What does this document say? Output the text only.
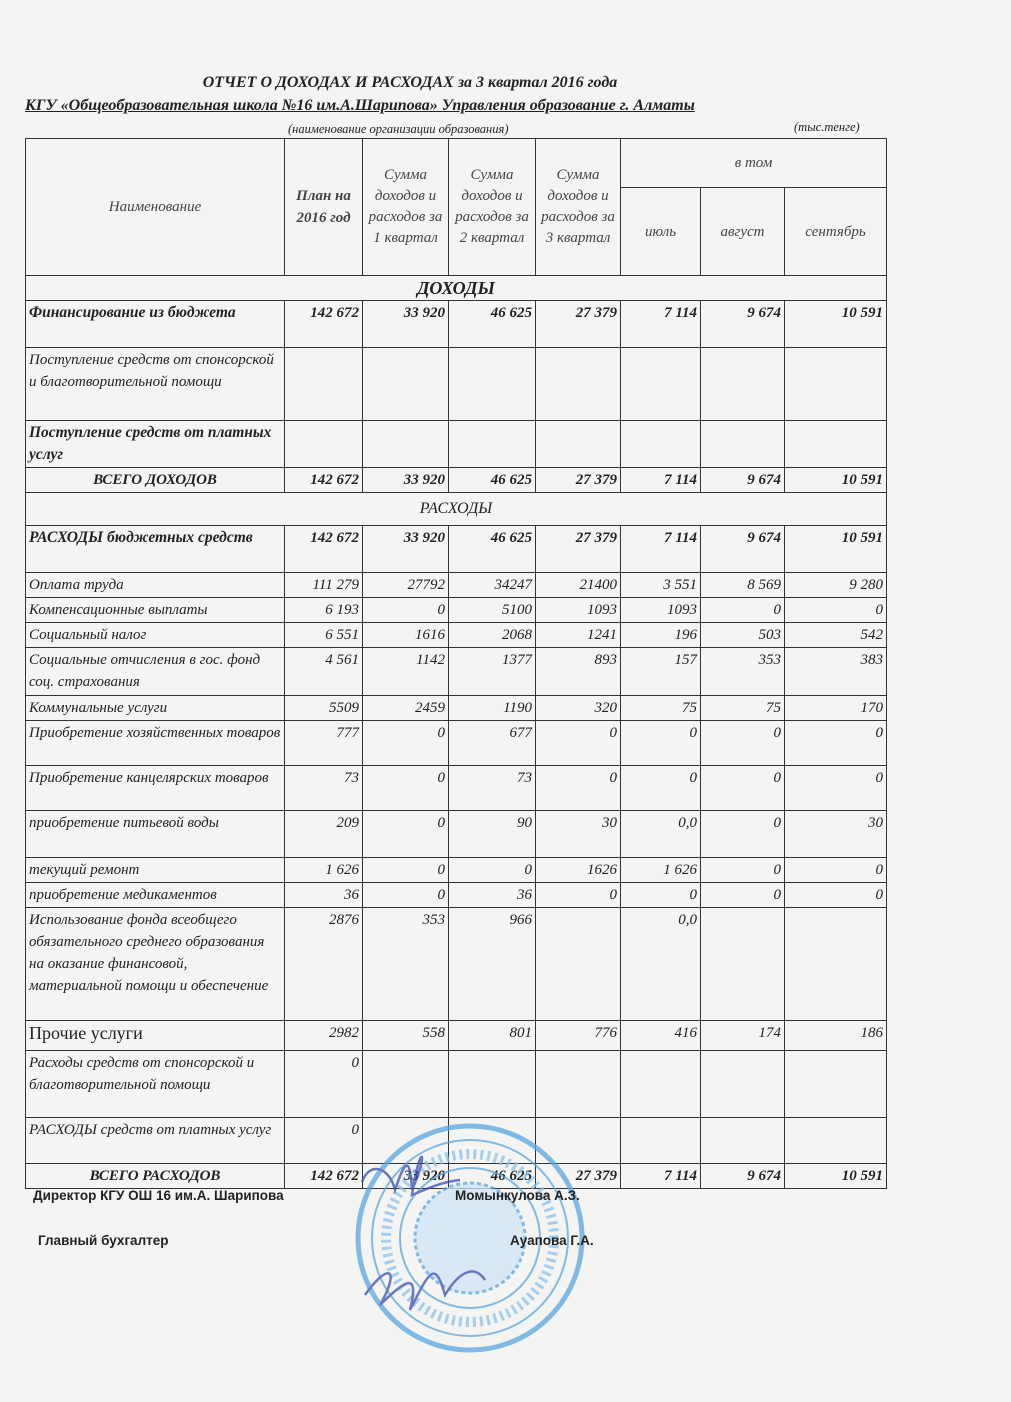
ОТЧЕТ О ДОХОДАХ И РАСХОДАХ за 3 квартал 2016 года
КГУ «Общеобразовательная школа №16 им.А.Шарипова» Управления образование г. Алматы
(наименование организации образования)	(тыс.тенге)
Наименование	План на 2016 год	Сумма доходов и расходов за 1 квартал	Сумма доходов и расходов за 2 квартал	Сумма доходов и расходов за 3 квартал	в том		
					июль	август	сентябрь
ДОХОДЫ							
Финансирование из бюджета	142 672	33 920	46 625	27 379	7 114	9 674	10 591
Поступление средств от спонсорской и благотворительной помощи							
Поступление средств от платных услуг							
ВСЕГО ДОХОДОВ	142 672	33 920	46 625	27 379	7 114	9 674	10 591
РАСХОДЫ							
РАСХОДЫ бюджетных средств	142 672	33 920	46 625	27 379	7 114	9 674	10 591
Оплата труда	111 279	27792	34247	21400	3 551	8 569	9 280
Компенсационные выплаты	6 193	0	5100	1093	1093	0	0
Социальный налог	6 551	1616	2068	1241	196	503	542
Социальные отчисления в гос. фонд соц. страхования	4 561	1142	1377	893	157	353	383
Коммунальные услуги	5509	2459	1190	320	75	75	170
Приобретение хозяйственных товаров	777	0	677	0	0	0	0
Приобретение канцелярских товаров	73	0	73	0	0	0	0
приобретение питьевой воды	209	0	90	30	0,0	0	30
текущий ремонт	1 626	0	0	1626	1 626	0	0
приобретение медикаментов	36	0	36	0	0	0	0
Использование фонда всеобщего обязательного среднего образования на оказание финансовой, материальной помощи и обеспечение	2876	353	966		0,0		
Прочие услуги	2982	558	801	776	416	174	186
Расходы средств от спонсорской и благотворительной помощи	0						
РАСХОДЫ средств от платных услуг	0						
ВСЕГО РАСХОДОВ	142 672	33 920	46 625	27 379	7 114	9 674	10 591
Директор КГУ ОШ 16 им.А. Шарипова	Момынкулова А.З.
Главный бухгалтер	Ауапова Г.А.
